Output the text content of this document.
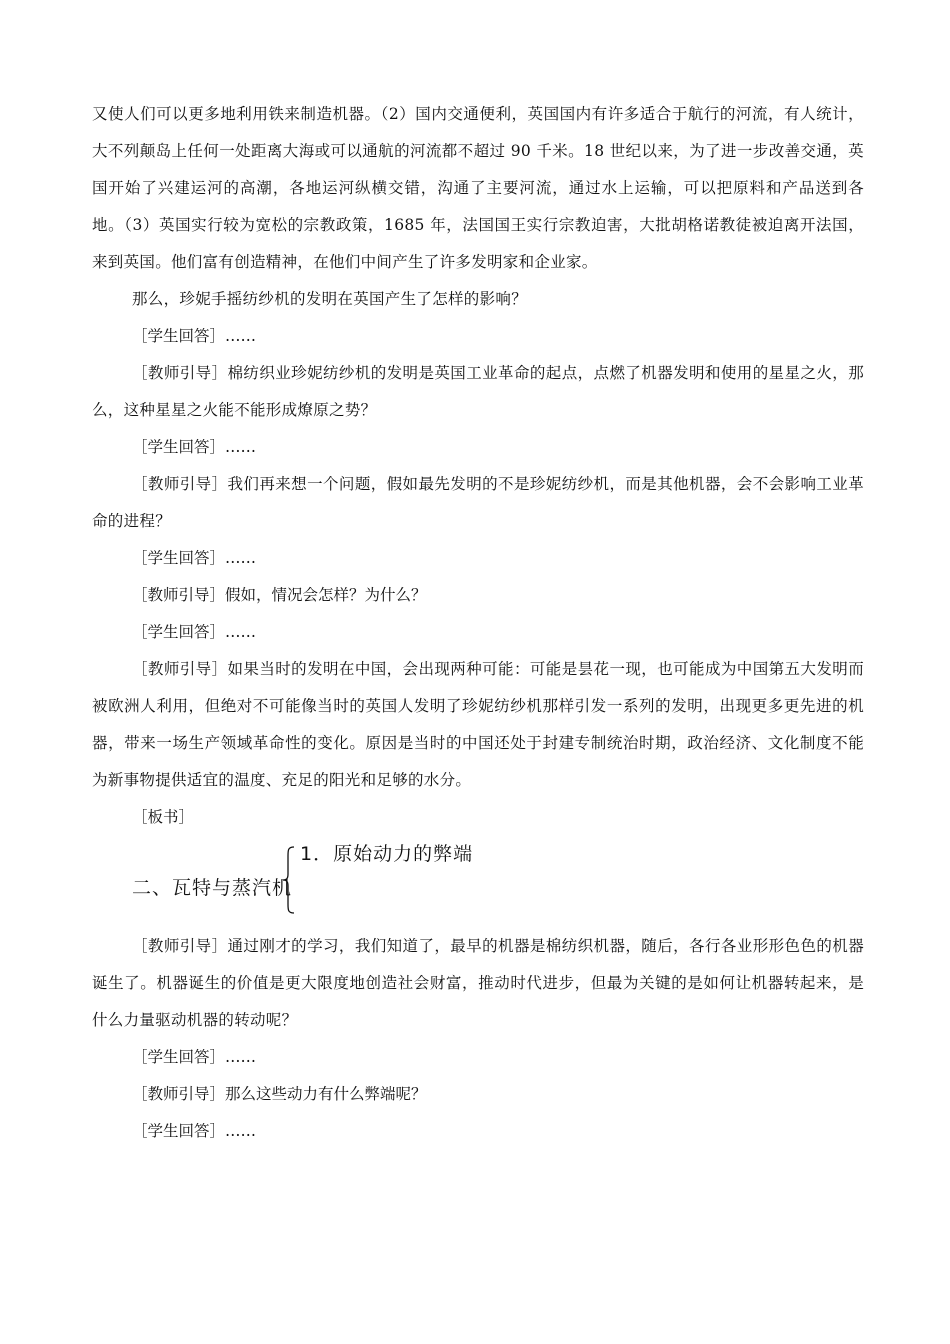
又使人们可以更多地利用铁来制造机器。（2）国内交通便利，英国国内有许多适合于航行的河流，有人统计，大不列颠岛上任何一处距离大海或可以通航的河流都不超过 90 千米。18 世纪以来，为了进一步改善交通，英国开始了兴建运河的高潮，各地运河纵横交错，沟通了主要河流，通过水上运输，可以把原料和产品送到各地。（3）英国实行较为宽松的宗教政策，1685 年，法国国王实行宗教迫害，大批胡格诺教徒被迫离开法国，来到英国。他们富有创造精神，在他们中间产生了许多发明家和企业家。

那么，珍妮手摇纺纱机的发明在英国产生了怎样的影响？

［学生回答］……

［教师引导］棉纺织业珍妮纺纱机的发明是英国工业革命的起点，点燃了机器发明和使用的星星之火，那么，这种星星之火能不能形成燎原之势？

［学生回答］……

［教师引导］我们再来想一个问题，假如最先发明的不是珍妮纺纱机，而是其他机器，会不会影响工业革命的进程？

［学生回答］……

［教师引导］假如，情况会怎样？为什么？

［学生回答］……

［教师引导］如果当时的发明在中国，会出现两种可能：可能是昙花一现，也可能成为中国第五大发明而被欧洲人利用，但绝对不可能像当时的英国人发明了珍妮纺纱机那样引发一系列的发明，出现更多更先进的机器，带来一场生产领域革命性的变化。原因是当时的中国还处于封建专制统治时期，政治经济、文化制度不能为新事物提供适宜的温度、充足的阳光和足够的水分。

［板书］

二、瓦特与蒸汽机
1．原始动力的弊端

［教师引导］通过刚才的学习，我们知道了，最早的机器是棉纺织机器，随后，各行各业形形色色的机器诞生了。机器诞生的价值是更大限度地创造社会财富，推动时代进步，但最为关键的是如何让机器转起来，是什么力量驱动机器的转动呢？

［学生回答］……

［教师引导］那么这些动力有什么弊端呢？

［学生回答］……
